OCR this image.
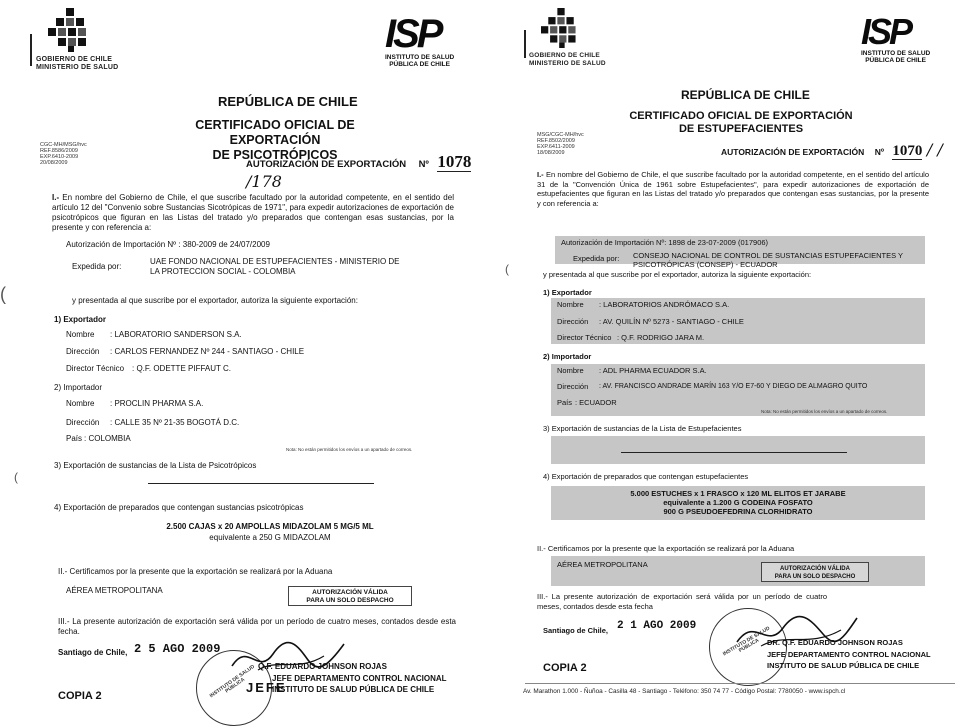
GOBIERNO DE CHILE
MINISTERIO DE SALUD
ISP
INSTITUTO DE SALUD
PÚBLICA DE CHILE
REPÚBLICA DE CHILE
CERTIFICADO OFICIAL DE EXPORTACIÓN
DE PSICOTRÓPICOS
CGC-MH/MSG/hvc
REF.8586/2009
EXP.6410-2009
20/08/2009	AUTORIZACIÓN DE EXPORTACIÓN Nº 1078 /178
I.- En nombre del Gobierno de Chile, el que suscribe facultado por la autoridad competente, en el sentido del artículo 12 del "Convenio sobre Sustancias Sicotrópicas de 1971", para expedir autorizaciones de exportación de psicotrópicos que figuran en las Listas del tratado y/o preparados que contengan esas sustancias, por la presente y con referencia a:
Autorización de Importación Nº : 380-2009 de 24/07/2009
Expedida por:
UAE FONDO NACIONAL DE ESTUPEFACIENTES - MINISTERIO DE LA PROTECCION SOCIAL - COLOMBIA
y presentada al que suscribe por el exportador, autoriza la siguiente exportación:
1) Exportador
Nombre : LABORATORIO SANDERSON S.A.
Dirección : CARLOS FERNANDEZ Nº 244 - SANTIAGO - CHILE
Director Técnico : Q.F. ODETTE PIFFAUT C.
2) Importador
Nombre : PROCLIN PHARMA S.A.
Dirección : CALLE 35 Nº 21-35 BOGOTÁ D.C.
País : COLOMBIA
Nota: No están permitidos los envíos a un apartado de correos.
3) Exportación de sustancias de la Lista de Psicotrópicos
4) Exportación de preparados que contengan sustancias psicotrópicas
2.500 CAJAS x 20 AMPOLLAS MIDAZOLAM 5 MG/5 ML
equivalente a 250 G MIDAZOLAM
II.- Certificamos por la presente que la exportación se realizará por la Aduana
AÉREA METROPOLITANA	AUTORIZACIÓN VÁLIDA
PARA UN SOLO DESPACHO
III.- La presente autorización de exportación será válida por un período de cuatro meses, contados desde esta fecha.
Santiago de Chile, 2 5 AGO 2009
INSTITUTO DE SALUD PÚBLICA JEFE
Q.F. EDUARDO JOHNSON ROJAS
JEFE DEPARTAMENTO CONTROL NACIONAL
INSTITUTO DE SALUD PÚBLICA DE CHILE
COPIA 2
(
(
GOBIERNO DE CHILE
MINISTERIO DE SALUD
ISP
INSTITUTO DE SALUD
PÚBLICA DE CHILE
REPÚBLICA DE CHILE
CERTIFICADO OFICIAL DE EXPORTACIÓN
DE ESTUPEFACIENTES
MSG/CGC-MH/hvc
REF.8502/2009
EXP.6411-2009
18/08/2009	AUTORIZACIÓN DE EXPORTACIÓN Nº 1070 / /
I.- En nombre del Gobierno de Chile, el que suscribe facultado por la autoridad competente, en el sentido del artículo 31 de la "Convención Única de 1961 sobre Estupefacientes", para expedir autorizaciones de exportación de estupefacientes que figuran en las Listas del tratado y/o preparados que contengan esas sustancias, por la presente y con referencia a:
Autorización de Importación Nº: 1898 de 23-07-2009 (017906)
Expedida por: CONSEJO NACIONAL DE CONTROL DE SUSTANCIAS ESTUPEFACIENTES Y PSICOTRÓPICAS (CONSEP) - ECUADOR
y presentada al que suscribe por el exportador, autoriza la siguiente exportación:
1) Exportador
Nombre : LABORATORIOS ANDRÓMACO S.A.
Dirección : AV. QUILÍN Nº 5273 - SANTIAGO - CHILE
Director Técnico : Q.F. RODRIGO JARA M.
2) Importador
Nombre : ADL PHARMA ECUADOR S.A.
Dirección : AV. FRANCISCO ANDRADE MARÍN 163 Y/O E7-60 Y DIEGO DE ALMAGRO QUITO
País : ECUADOR
Nota: No están permitidos los envíos a un apartado de correos.
3) Exportación de sustancias de la Lista de Estupefacientes
4) Exportación de preparados que contengan estupefacientes
5.000 ESTUCHES x 1 FRASCO x 120 ML ELITOS ET JARABE
equivalente a 1.200 G CODEINA FOSFATO
900 G PSEUDOEFEDRINA CLORHIDRATO
II.- Certificamos por la presente que la exportación se realizará por la Aduana
AÉREA METROPOLITANA	AUTORIZACIÓN VÁLIDA
PARA UN SOLO DESPACHO
III.- La presente autorización de exportación será válida por un período de cuatro meses, contados desde esta fecha
Santiago de Chile, 2 1 AGO 2009	INSTITUTO DE SALUD PÚBLICA DR. Q.F. EDUARDO JOHNSON ROJAS
JEFE DEPARTAMENTO CONTROL NACIONAL
INSTITUTO DE SALUD PÚBLICA DE CHILE
COPIA 2
Av. Marathon 1.000 - Ñuñoa - Casilla 48 - Santiago - Teléfono: 350 74 77 - Código Postal: 7780050 - www.ispch.cl
(
